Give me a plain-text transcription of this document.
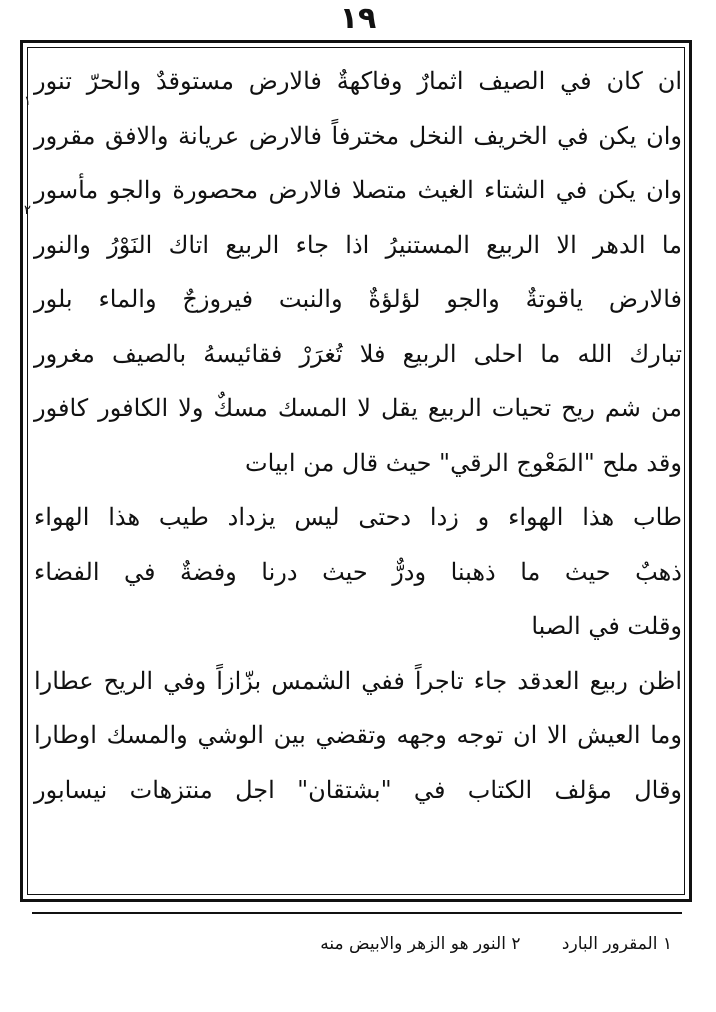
١٩
ان كان في الصيف اثمارٌ وفاكهةٌ فالارض مستوقدٌ والحرّ تنور
١
وان يكن في الخريف النخل مخترفاً فالارض عريانة والافق مقرور
وان يكن في الشتاء الغيث متصلا فالارض محصورة والجو مأسور
٢
ما الدهر الا الربيع المستنيرُ اذا جاء الربيع اتاك النَوْرُ والنور
فالارض ياقوتةٌ والجو لؤلؤةٌ والنبت فيروزجٌ والماء بلور
تبارك الله ما احلى الربيع فلا تُغرَرْ فقائيسهُ بالصيف مغرور
من شم ريح تحيات الربيع يقل لا المسك مسكٌ ولا الكافور كافور
وقد ملح "المَعْوج الرقي" حيث قال من ابيات
طاب هذا الهواء و زدا دحتى ليس يزداد طيب هذا الهواء
ذهبٌ حيث ما ذهبنا ودرٌّ حيث درنا وفضةٌ في الفضاء
وقلت في الصبا
اظن ربيع العدقد جاء تاجراً ففي الشمس بزّازاً وفي الريح عطارا
وما العيش الا ان توجه وجهه وتقضي بين الوشي والمسك اوطارا
وقال مؤلف الكتاب في "بشتقان" اجل منتزهات نيسابور
١ المقرور البارد ٢ النور هو الزهر والابيض منه
